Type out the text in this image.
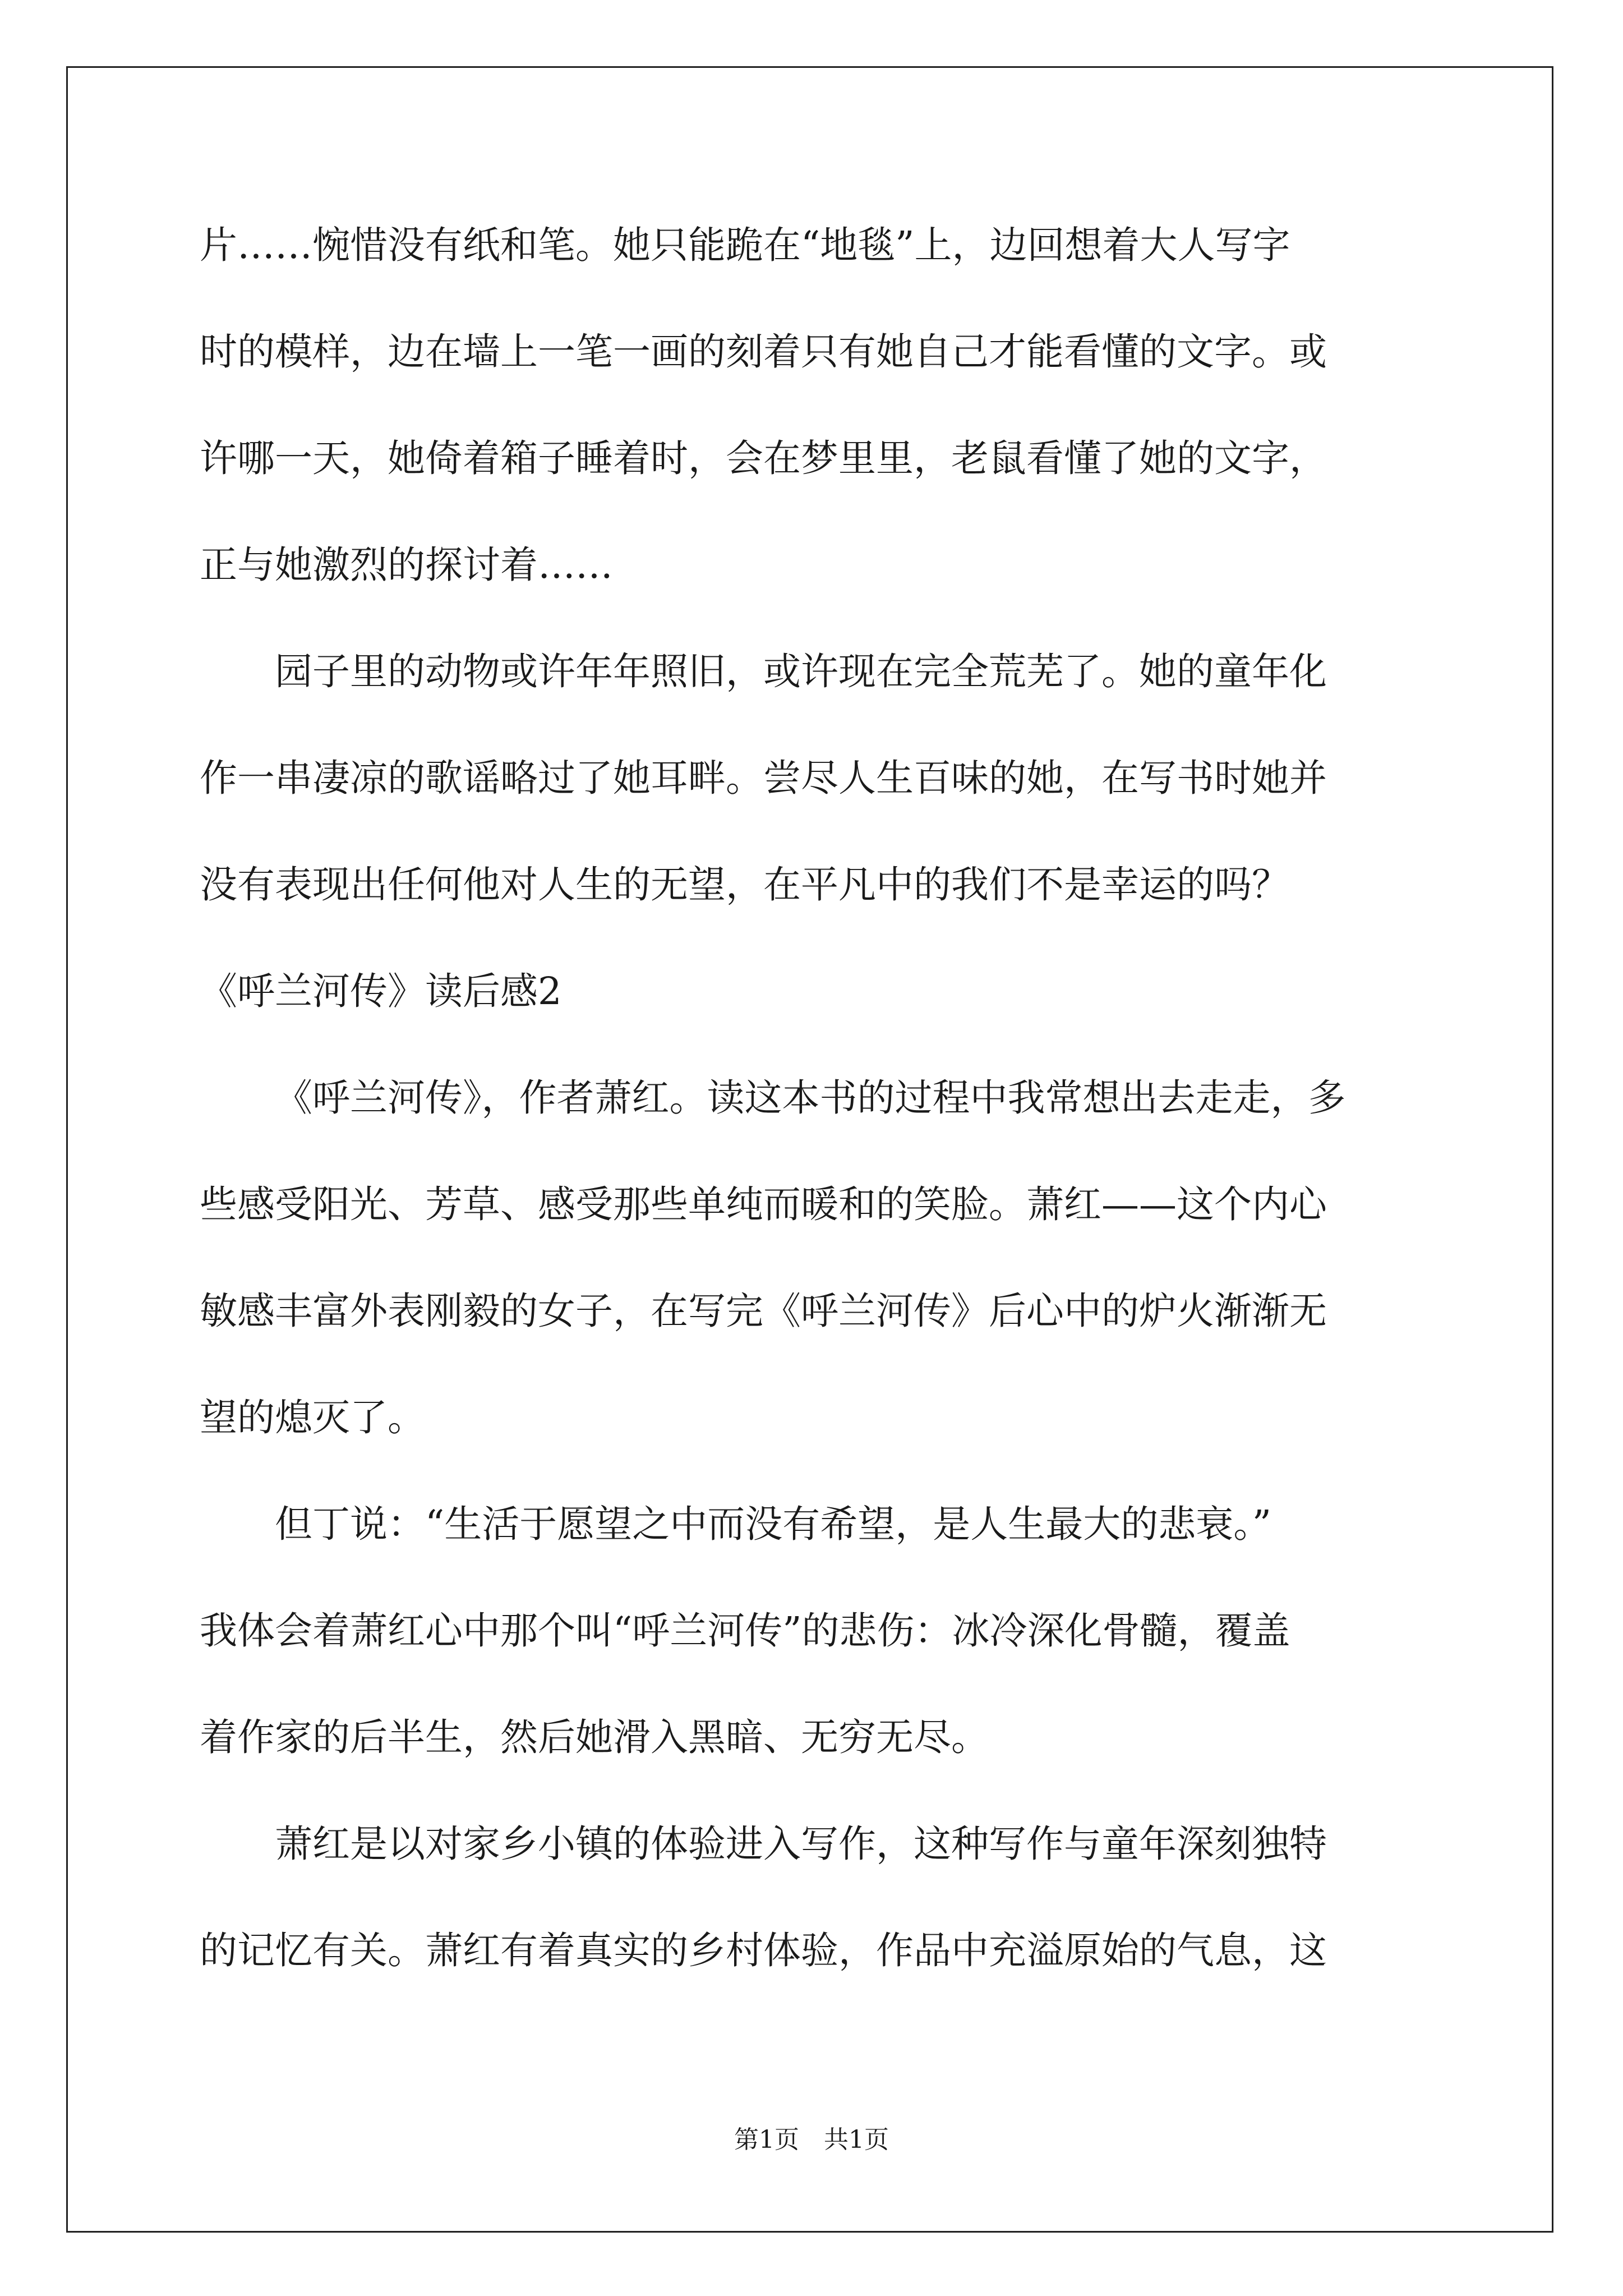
片……惋惜没有纸和笔。她只能跪在“地毯”上，边回想着大人写字
时的模样，边在墙上一笔一画的刻着只有她自己才能看懂的文字。或
许哪一天，她倚着箱子睡着时，会在梦里里，老鼠看懂了她的文字，
正与她激烈的探讨着……
园子里的动物或许年年照旧，或许现在完全荒芜了。她的童年化
作一串凄凉的歌谣略过了她耳畔。尝尽人生百味的她，在写书时她并
没有表现出任何他对人生的无望，在平凡中的我们不是幸运的吗？
《呼兰河传》读后感2
《呼兰河传》，作者萧红。读这本书的过程中我常想出去走走，多
些感受阳光、芳草、感受那些单纯而暖和的笑脸。萧红——这个内心
敏感丰富外表刚毅的女子，在写完《呼兰河传》后心中的炉火渐渐无
望的熄灭了。
但丁说：“生活于愿望之中而没有希望，是人生最大的悲衰。”
我体会着萧红心中那个叫“呼兰河传”的悲伤：冰冷深化骨髓，覆盖
着作家的后半生，然后她滑入黑暗、无穷无尽。
萧红是以对家乡小镇的体验进入写作，这种写作与童年深刻独特
的记忆有关。萧红有着真实的乡村体验，作品中充溢原始的气息，这
第1页　共1页
